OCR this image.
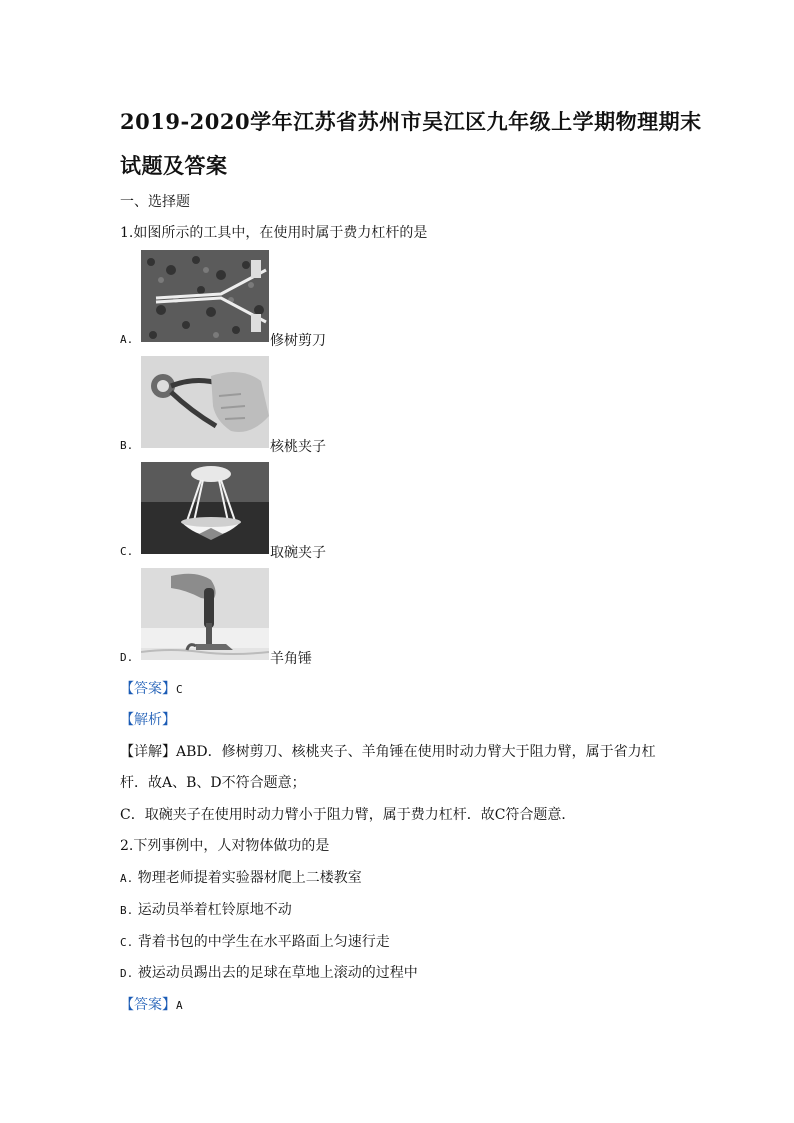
2019-2020学年江苏省苏州市吴江区九年级上学期物理期末
试题及答案
一、选择题
1.如图所示的工具中，在使用时属于费力杠杆的是
A.	修树剪刀
B.	核桃夹子
C.	取碗夹子
D.	羊角锤
【答案】C
【解析】
【详解】ABD．修树剪刀、核桃夹子、羊角锤在使用时动力臂大于阻力臂，属于省力杠
杆．故A、B、D不符合题意；
C．取碗夹子在使用时动力臂小于阻力臂，属于费力杠杆．故C符合题意．
2.下列事例中，人对物体做功的是
A. 物理老师提着实验器材爬上二楼教室
B. 运动员举着杠铃原地不动
C. 背着书包的中学生在水平路面上匀速行走
D. 被运动员踢出去的足球在草地上滚动的过程中
【答案】A
